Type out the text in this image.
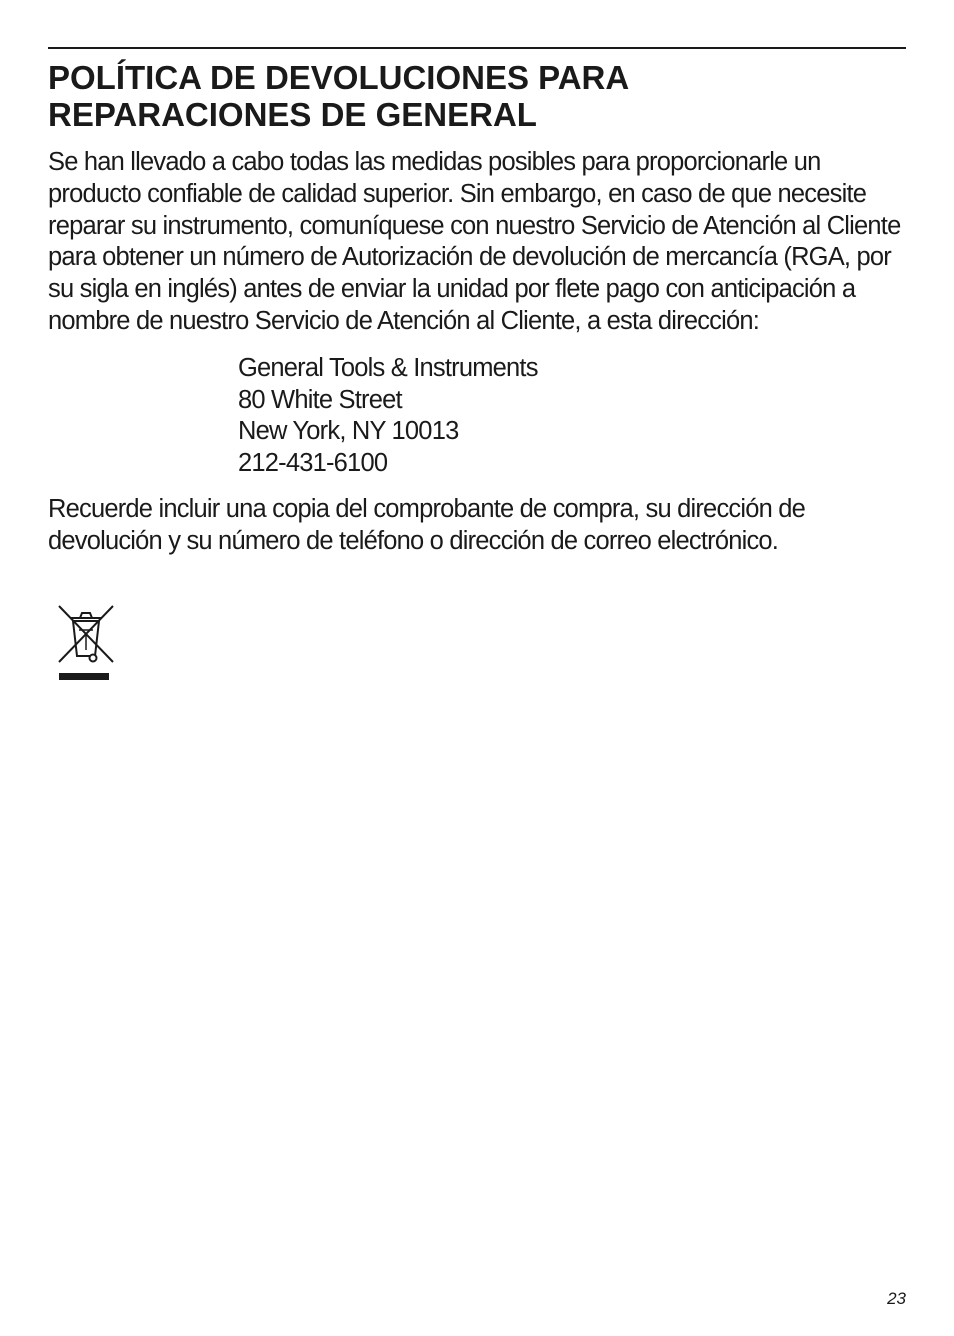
POLÍTICA DE DEVOLUCIONES PARA
REPARACIONES DE GENERAL

Se han llevado a cabo todas las medidas posibles para proporcionarle un producto confiable de calidad superior. Sin embargo, en caso de que necesite reparar su instrumento, comuníquese con nuestro Servicio de Atención al Cliente para obtener un número de Autorización de devolución de mercancía (RGA, por su sigla en inglés) antes de enviar la unidad por flete pago con anticipación a nombre de nuestro Servicio de Atención al Cliente, a esta dirección:

General Tools & Instruments
80 White Street
New York, NY 10013
212-431-6100

Recuerde incluir una copia del comprobante de compra, su dirección de devolución y su número de teléfono o dirección de correo electrónico.

23
